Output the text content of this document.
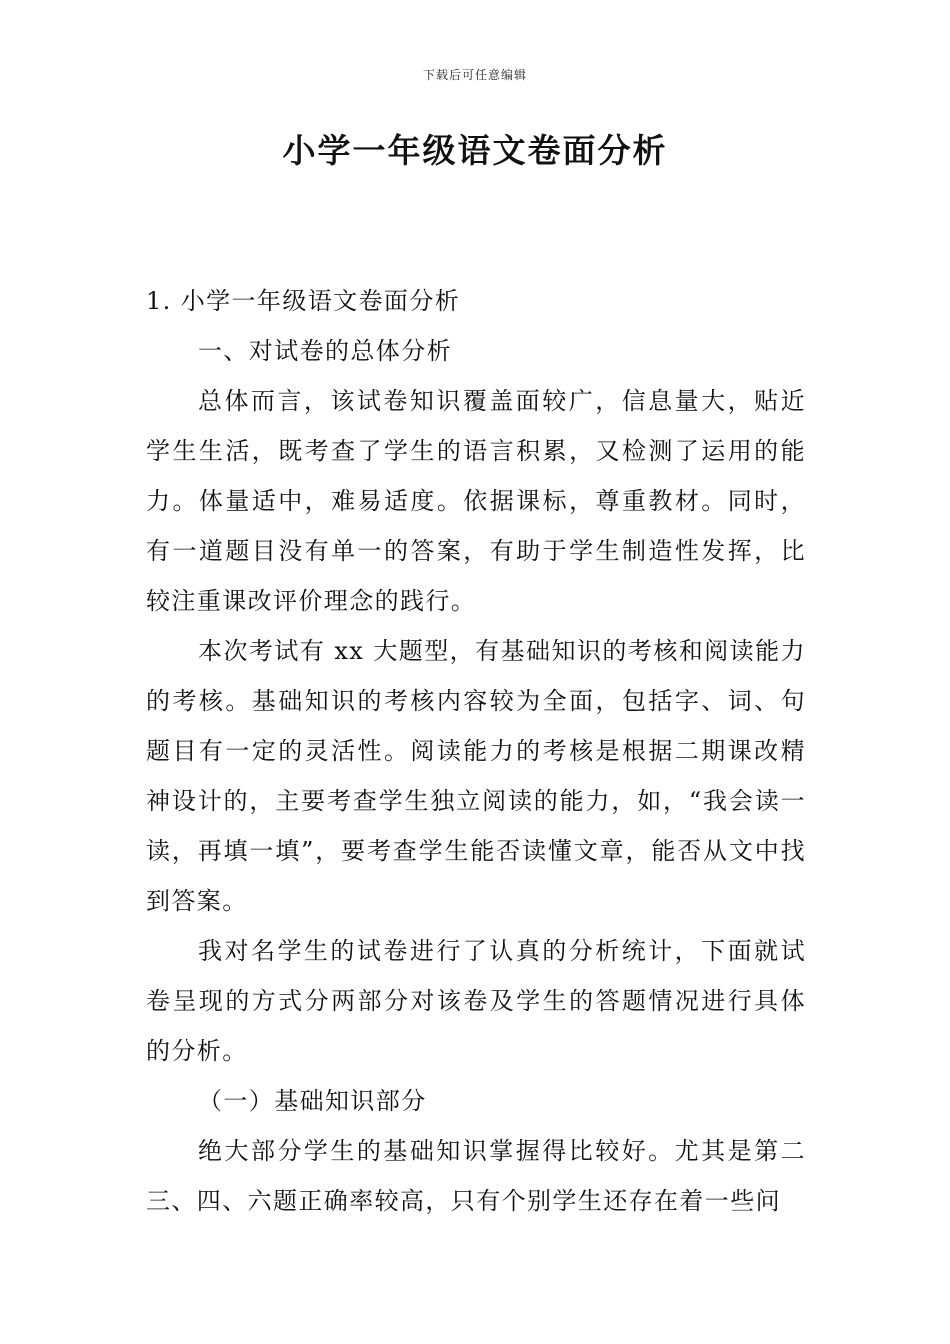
下载后可任意编辑
小学一年级语文卷面分析

1. 小学一年级语文卷面分析

一、对试卷的总体分析

总体而言，该试卷知识覆盖面较广，信息量大，贴近学生生活，既考查了学生的语言积累，又检测了运用的能力。体量适中，难易适度。依据课标，尊重教材。同时，有一道题目没有单一的答案，有助于学生制造性发挥，比较注重课改评价理念的践行。

本次考试有 xx 大题型，有基础知识的考核和阅读能力的考核。基础知识的考核内容较为全面，包括字、词、句题目有一定的灵活性。阅读能力的考核是根据二期课改精神设计的，主要考查学生独立阅读的能力，如，“我会读一读，再填一填”，要考查学生能否读懂文章，能否从文中找到答案。

我对名学生的试卷进行了认真的分析统计，下面就试卷呈现的方式分两部分对该卷及学生的答题情况进行具体的分析。

（一）基础知识部分

绝大部分学生的基础知识掌握得比较好。尤其是第二三、四、六题正确率较高，只有个别学生还存在着一些问
